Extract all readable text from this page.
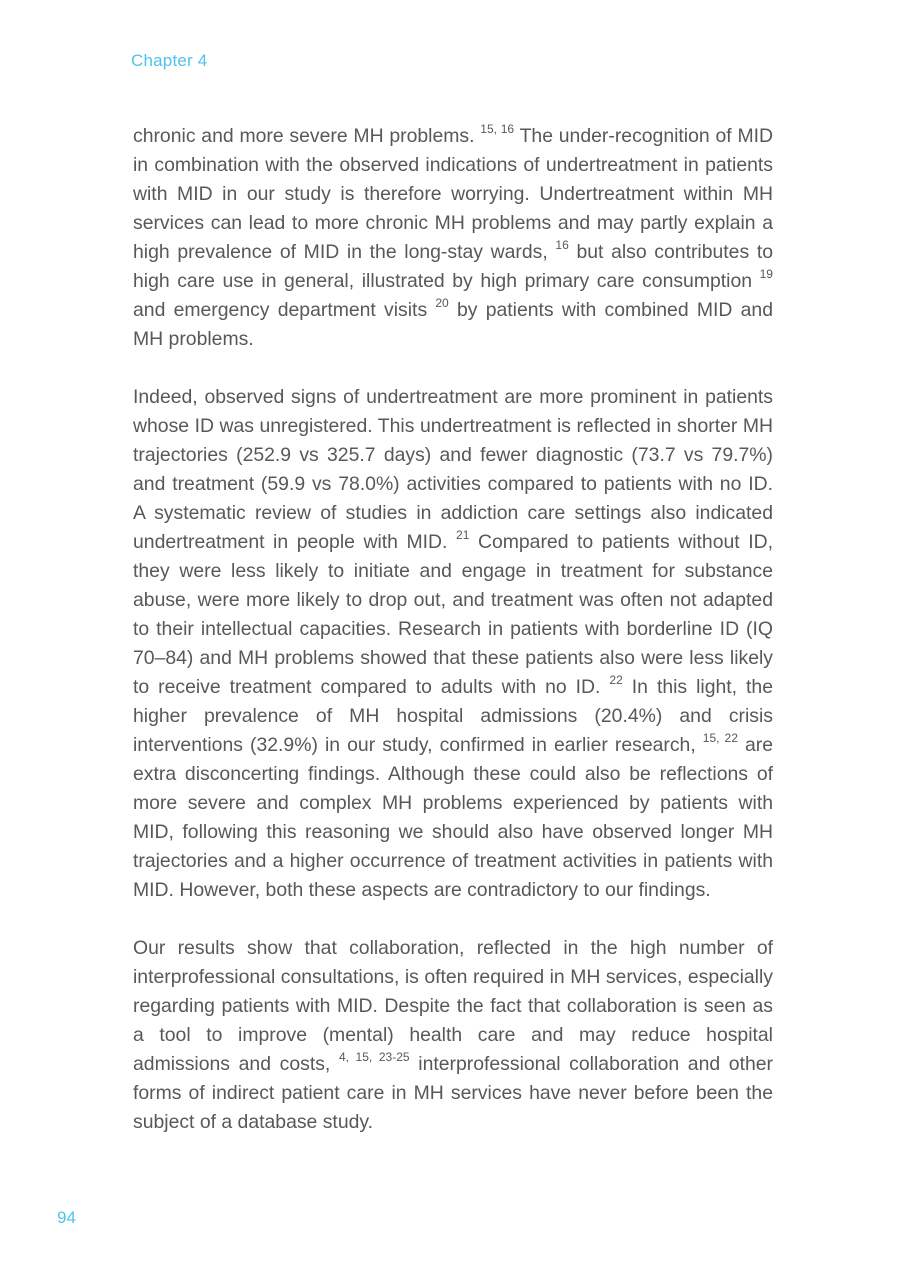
Chapter 4

chronic and more severe MH problems. $^{15, 16}$ The under-recognition of MID in combination with the observed indications of undertreatment in patients with MID in our study is therefore worrying. Undertreatment within MH services can lead to more chronic MH problems and may partly explain a high prevalence of MID in the long-stay wards, $^{16}$ but also contributes to high care use in general, illustrated by high primary care consumption $^{19}$ and emergency department visits $^{20}$ by patients with combined MID and MH problems.

Indeed, observed signs of undertreatment are more prominent in patients whose ID was unregistered. This undertreatment is reflected in shorter MH trajectories (252.9 vs 325.7 days) and fewer diagnostic (73.7 vs 79.7%) and treatment (59.9 vs 78.0%) activities compared to patients with no ID. A systematic review of studies in addiction care settings also indicated undertreatment in people with MID. $^{21}$ Compared to patients without ID, they were less likely to initiate and engage in treatment for substance abuse, were more likely to drop out, and treatment was often not adapted to their intellectual capacities. Research in patients with borderline ID (IQ 70–84) and MH problems showed that these patients also were less likely to receive treatment compared to adults with no ID. $^{22}$ In this light, the higher prevalence of MH hospital admissions (20.4%) and crisis interventions (32.9%) in our study, confirmed in earlier research, $^{15, 22}$ are extra disconcerting findings. Although these could also be reflections of more severe and complex MH problems experienced by patients with MID, following this reasoning we should also have observed longer MH trajectories and a higher occurrence of treatment activities in patients with MID. However, both these aspects are contradictory to our findings.

Our results show that collaboration, reflected in the high number of interprofessional consultations, is often required in MH services, especially regarding patients with MID. Despite the fact that collaboration is seen as a tool to improve (mental) health care and may reduce hospital admissions and costs, $^{4, 15, 23-25}$ interprofessional collaboration and other forms of indirect patient care in MH services have never before been the subject of a database study.

94
